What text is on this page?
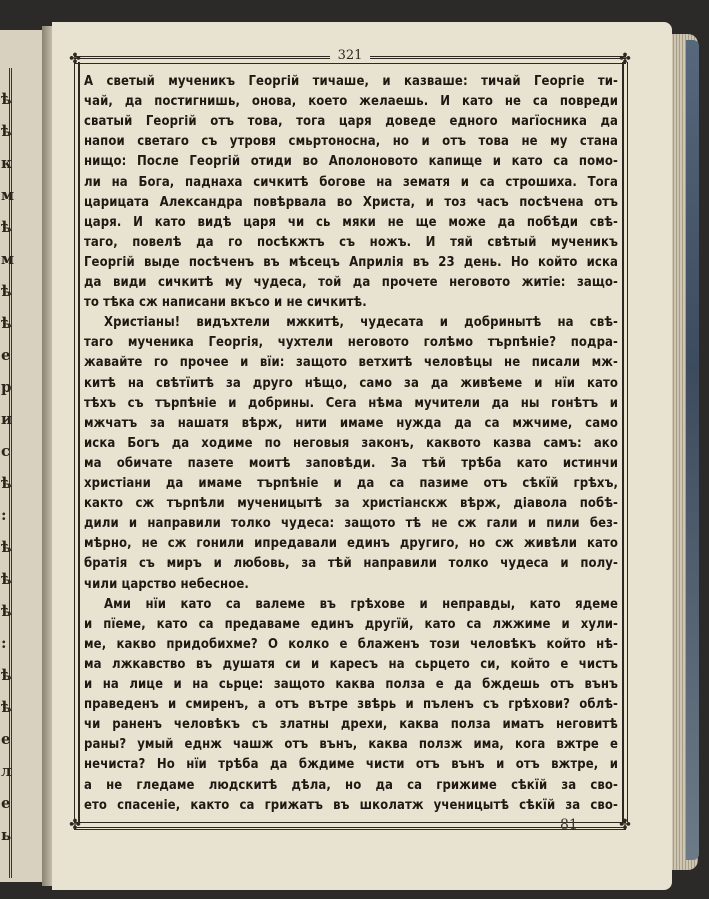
ѣ
ѣ
к
м
ѣ
м
ѣ
ѣ
е
р
и
с
ѣ
:
ѣ
ѣ
ѣ
:
ѣ
ѣ
е
л
е
ь
✤	✤
✤	✤
321
А светый мученикъ Георгій тичаше, и казваше: тичай Георгіе ти-
чай, да постигнишь, онова, което желаешь. И като не са повреди
сватый Георгій отъ това, тога царя доведе едного магїосника да
напои светаго съ утровя смьртоносна, но и отъ това не му стана
нищо: После Георгій отиди во Аполоновото капище и като са помо-
ли на Бога, паднаха сичкитѣ богове на зематя и са строшиха. Тога
царицата Александра повѣрвала во Христа, и тоз часъ посѣчена отъ
царя. И като видѣ царя чи сь мяки не ще може да побѣди свѣ-
таго, повелѣ да го посѣкжтъ съ ножъ. И тяй свѣтый мученикъ
Георгій выде посѣченъ въ мѣсецъ Априлія въ 23 день. Но който иска
да види сичкитѣ му чудеса, той да прочете неговото житіе: защо-
то тѣка сж написани вкъсо и не сичкитѣ.
Христіаны! видъхтели мжкитѣ, чудесата и добринытѣ на свѣ-
таго мученика Георгія, чухтели неговото голѣмо търпѣніе? подра-
жавайте го прочее и вїи: защото ветхитѣ человѣцы не писали мж-
китѣ на свѣтїитѣ за друго нѣщо, само за да живѣеме и нїи като
тѣхъ съ търпѣніе и добрины. Сега нѣма мучители да ны гонѣтъ и
мжчатъ за нашатя вѣрж, нити имаме нужда да са мжчиме, само
иска Богъ да ходиме по неговыя законъ, каквото казва самъ: ако
ма обичате пазете моитѣ заповѣди. За тѣй трѣба като истинчи
христіани да имаме търпѣніе и да са пазиме отъ сѣкїй грѣхъ,
както сж търпѣли мученицытѣ за христіанскж вѣрж, діавола побѣ-
дили и направили толко чудеса: защото тѣ не сж гали и пили без-
мѣрно, не сж гонили ипредавали единъ другиго, но сж живѣли като
братія съ миръ и любовь, за тѣй направили толко чудеса и полу-
чили царство небесное.
Ами нїи като са валеме въ грѣхове и неправды, като ядеме
и пїеме, като са предаваме единъ другїй, като са лжжиме и хули-
ме, какво придобихме? О колко е блаженъ този человѣкъ който нѣ-
ма лжкавство въ душатя си и каресъ на сьрцето си, който е чистъ
и на лице и на сьрце: защото каква полза е да бждешь отъ вънъ
праведенъ и смиренъ, а отъ вътре звѣрь и пъленъ съ грѣхови? облѣ-
чи раненъ человѣкъ съ златны дрехи, каква полза иматъ неговитѣ
раны? умый еднж чашж отъ вънъ, каква ползж има, кога вжтре е
нечиста? Но нїи трѣба да бждиме чисти отъ вънъ и отъ вжтре, и
а не гледаме людскитѣ дѣла, но да са грижиме сѣкїй за сво-
ето спасеніе, както са грижатъ въ школатж ученицытѣ сѣкїй за сво-
81
